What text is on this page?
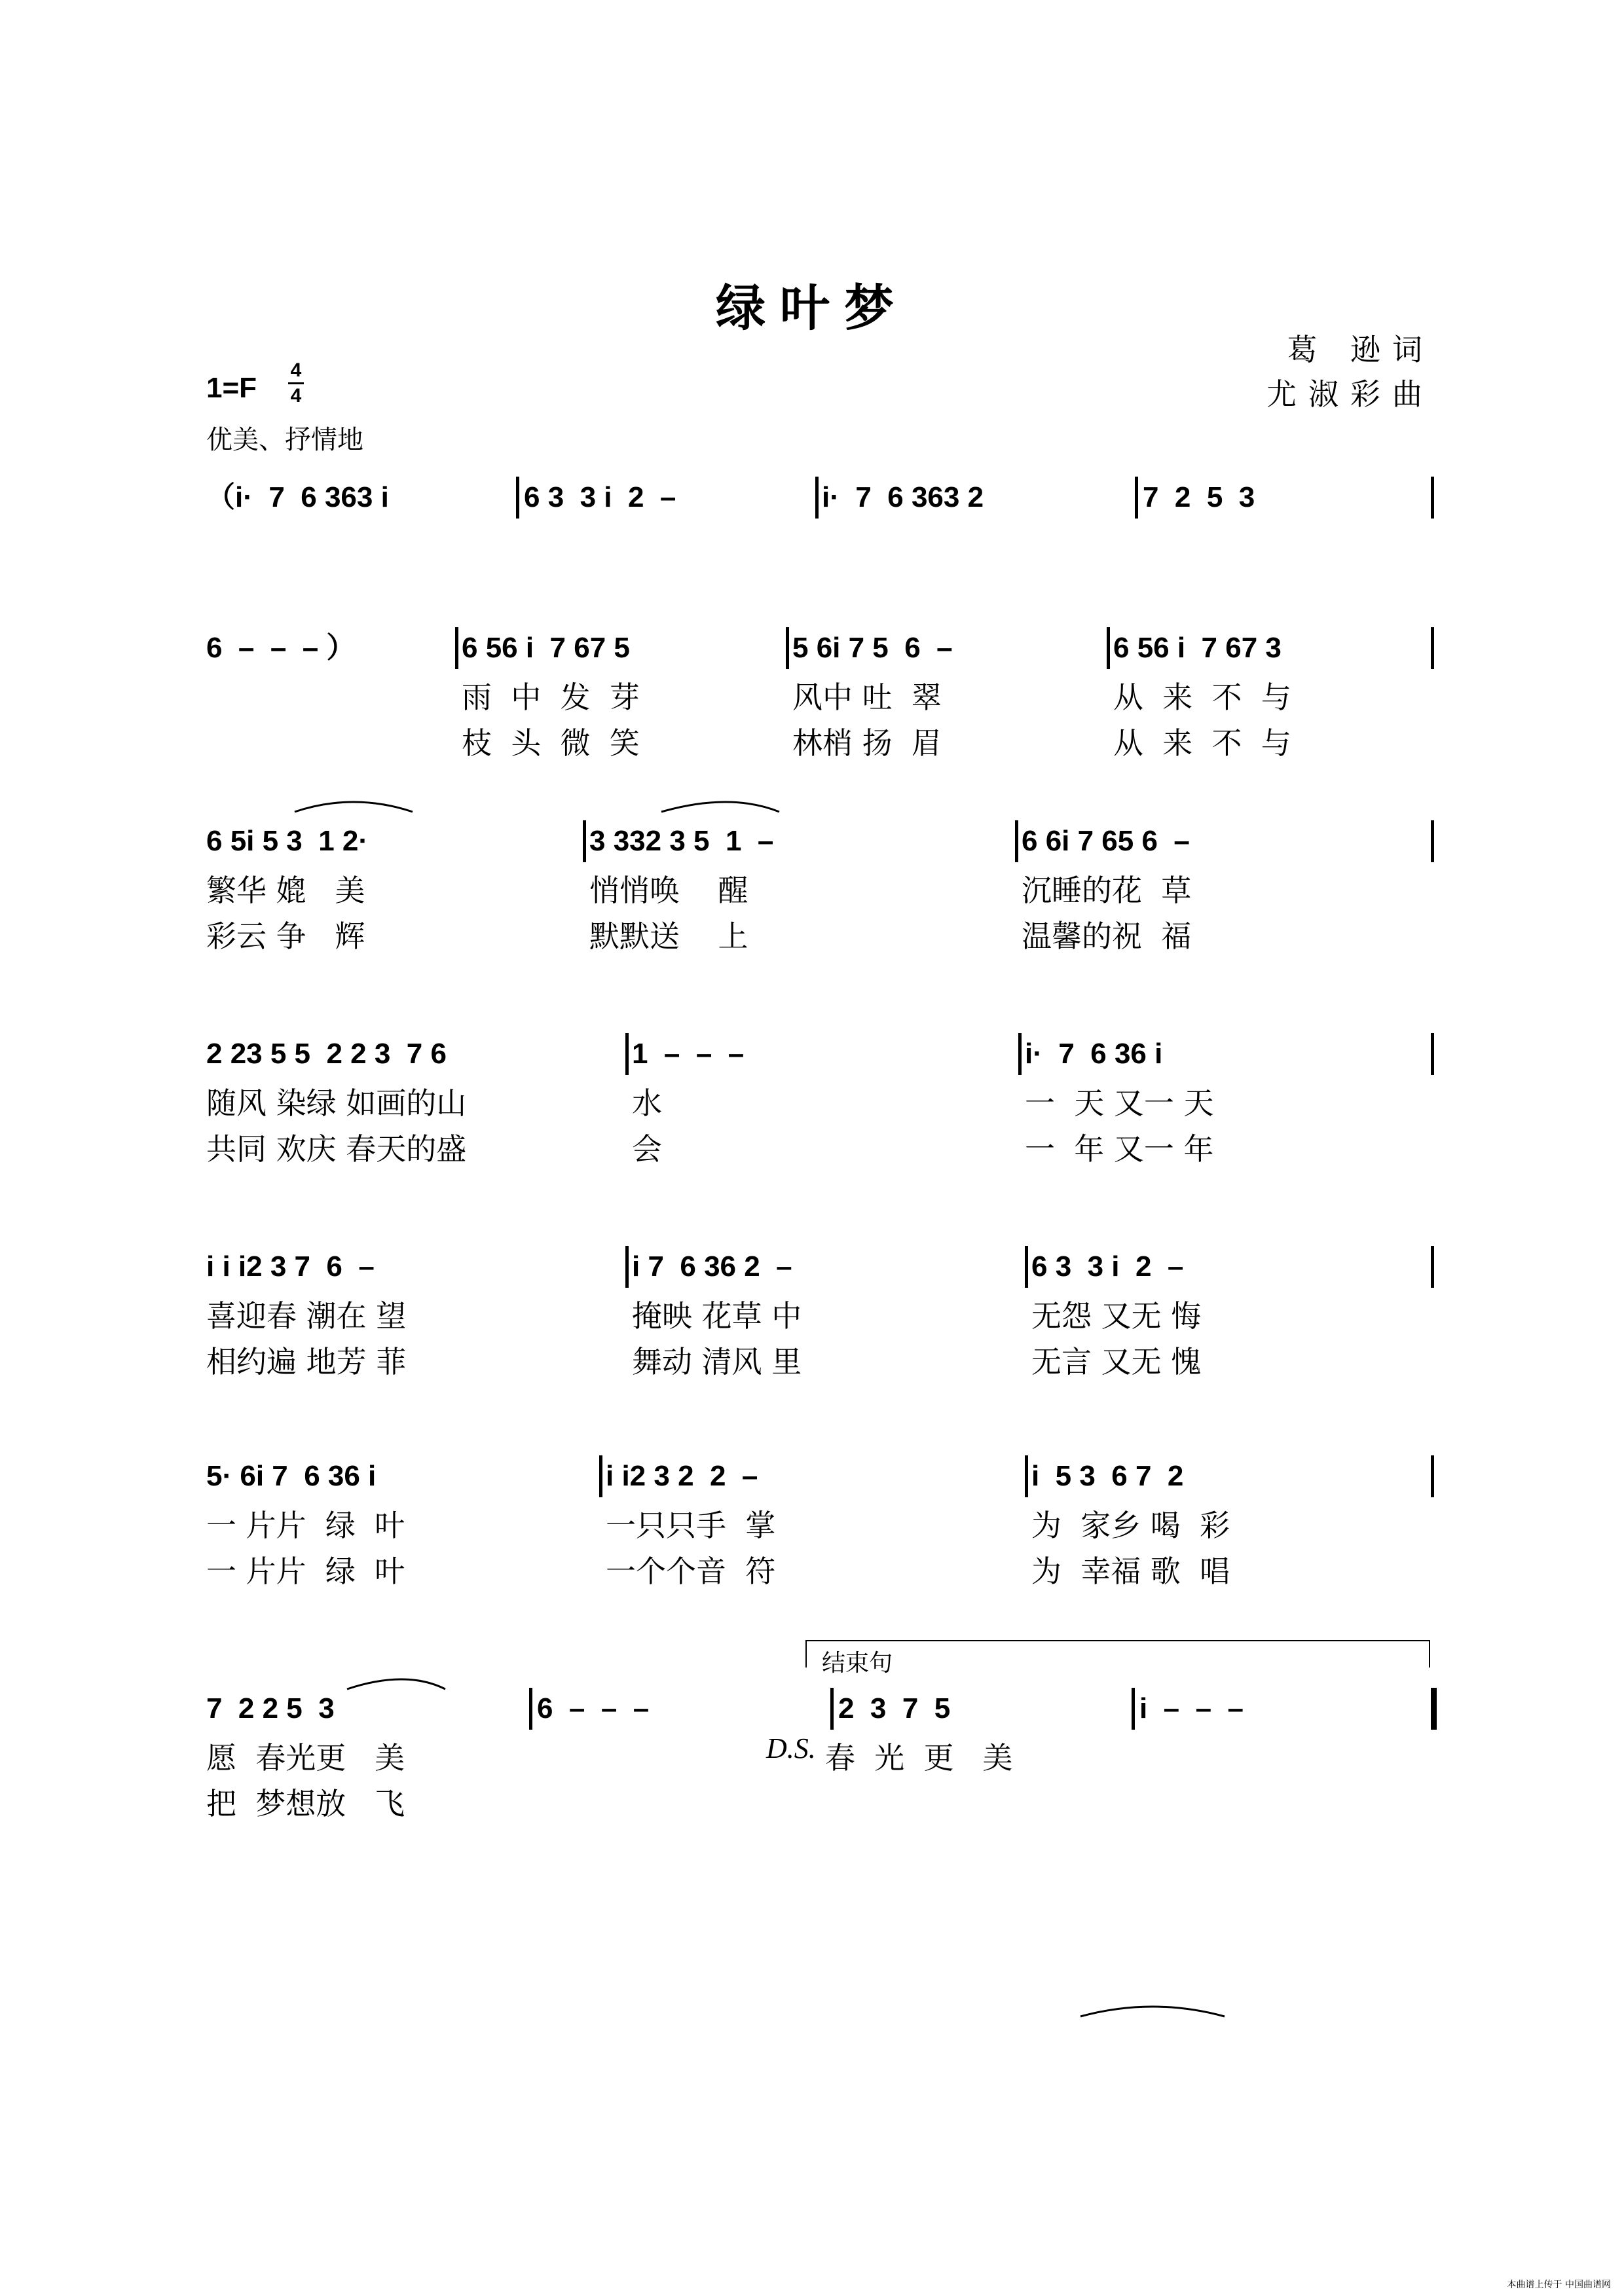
绿叶梦
葛 逊词
尤淑彩曲
1=F
4
4
优美、抒情地
（i·  7  6 363 i	6 3  3 i  2  –	i·  7  6 363 2	7  2  5  3
6  –  –  – ）	6 56 i  7 67 5	5 6i 7 5  6  –	6 56 i  7 67 3
雨  中  发  芽	风中 吐  翠	从  来  不  与
枝  头  微  笑	林梢 扬  眉	从  来  不  与
6 5i 5 3  1 2·	3 332 3 5  1  –	6 6i 7 65 6  –
繁华 媲   美	悄悄唤    醒	沉睡的花  草
彩云 争   辉	默默送    上	温馨的祝  福
2 23 5 5  2 2 3  7 6	1  –  –  –	i·  7  6 36 i
随风 染绿 如画的山	水	一  天 又一 天
共同 欢庆 春天的盛	会	一  年 又一 年
i i i2 3 7  6  –	i 7  6 36 2  –	6 3  3 i  2  –
喜迎春 潮在 望	掩映 花草 中	无怨 又无 悔
相约遍 地芳 菲	舞动 清风 里	无言 又无 愧
5· 6i 7  6 36 i	i i2 3 2  2  –	i  5 3  6 7  2
一 片片  绿  叶	一只只手  掌	为  家乡 喝  彩
一 片片  绿  叶	一个个音  符	为  幸福 歌  唱
7  2 2 5  3	6  –  –  –	2  3  7  5	i  –  –  –
愿  春光更   美	春  光  更   美
把  梦想放   飞
结束句
D.S.
本曲谱上传于 中国曲谱网
